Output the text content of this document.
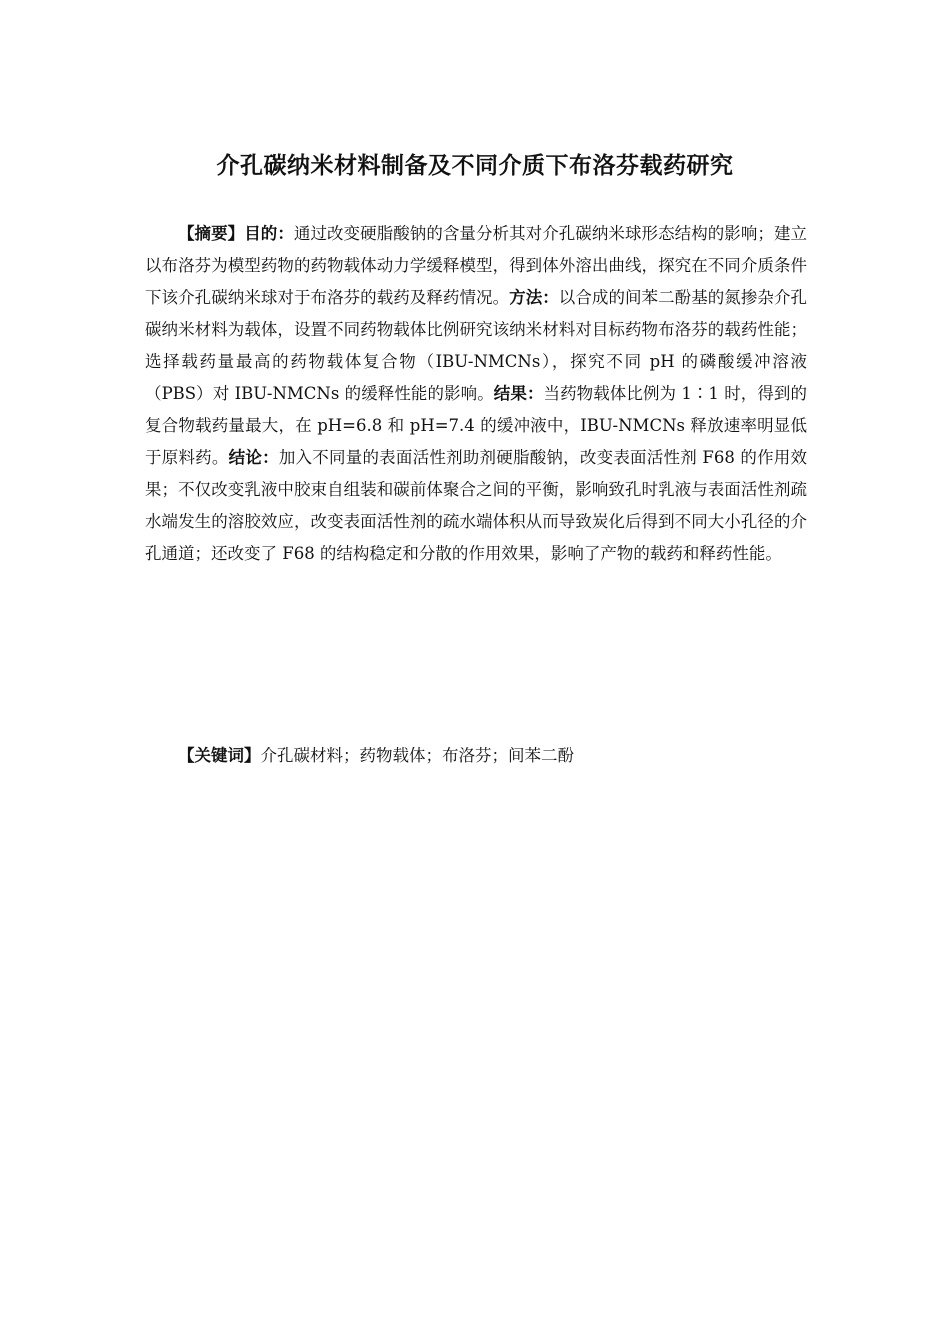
介孔碳纳米材料制备及不同介质下布洛芬载药研究
【摘要】目的：通过改变硬脂酸钠的含量分析其对介孔碳纳米球形态结构的影响；建立以布洛芬为模型药物的药物载体动力学缓释模型，得到体外溶出曲线，探究在不同介质条件下该介孔碳纳米球对于布洛芬的载药及释药情况。方法：以合成的间苯二酚基的氮掺杂介孔碳纳米材料为载体，设置不同药物载体比例研究该纳米材料对目标药物布洛芬的载药性能；选择载药量最高的药物载体复合物（IBU-NMCNs），探究不同 pH 的磷酸缓冲溶液（PBS）对 IBU-NMCNs 的缓释性能的影响。结果：当药物载体比例为 1∶1 时，得到的复合物载药量最大，在 pH=6.8 和 pH=7.4 的缓冲液中，IBU-NMCNs 释放速率明显低于原料药。结论：加入不同量的表面活性剂助剂硬脂酸钠，改变表面活性剂 F68 的作用效果；不仅改变乳液中胶束自组装和碳前体聚合之间的平衡，影响致孔时乳液与表面活性剂疏水端发生的溶胶效应，改变表面活性剂的疏水端体积从而导致炭化后得到不同大小孔径的介孔通道；还改变了 F68 的结构稳定和分散的作用效果，影响了产物的载药和释药性能。
【关键词】介孔碳材料；药物载体；布洛芬；间苯二酚
